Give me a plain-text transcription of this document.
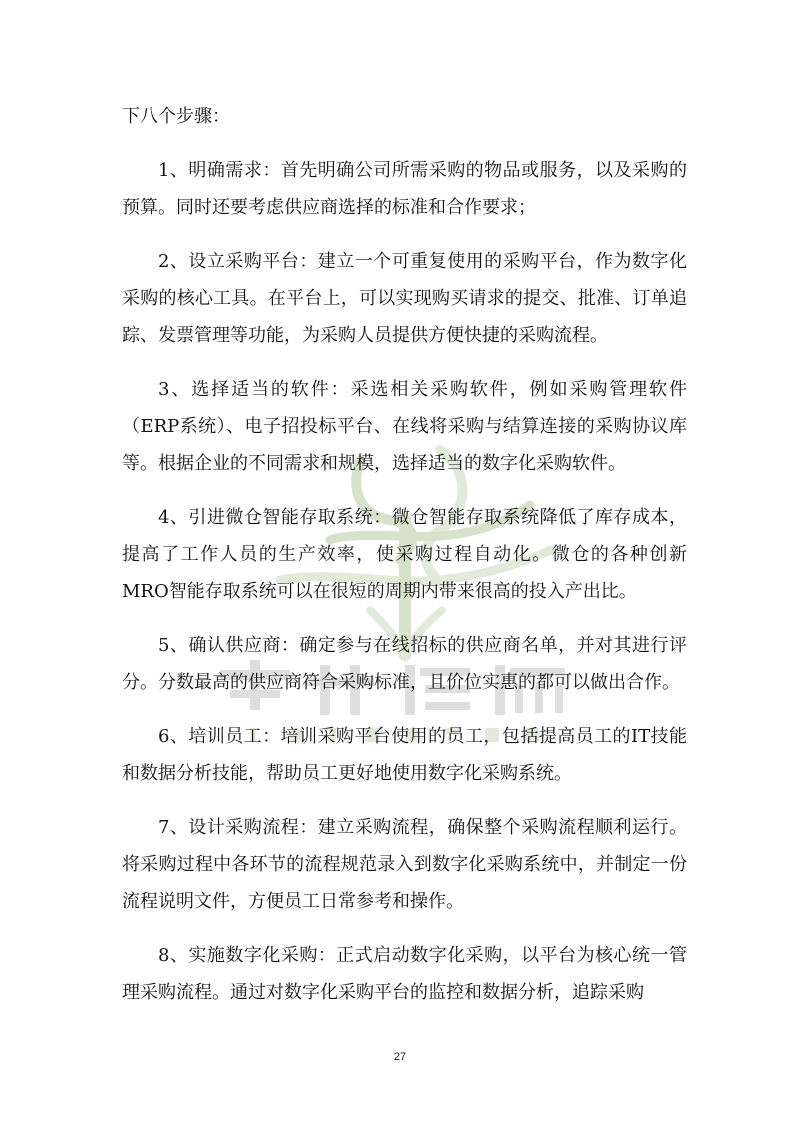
下八个步骤：

1、明确需求：首先明确公司所需采购的物品或服务，以及采购的预算。同时还要考虑供应商选择的标准和合作要求；

2、设立采购平台：建立一个可重复使用的采购平台，作为数字化采购的核心工具。在平台上，可以实现购买请求的提交、批准、订单追踪、发票管理等功能，为采购人员提供方便快捷的采购流程。

3、选择适当的软件：采选相关采购软件，例如采购管理软件（ERP系统）、电子招投标平台、在线将采购与结算连接的采购协议库等。根据企业的不同需求和规模，选择适当的数字化采购软件。

4、引进微仓智能存取系统：微仓智能存取系统降低了库存成本，提高了工作人员的生产效率，使采购过程自动化。微仓的各种创新MRO智能存取系统可以在很短的周期内带来很高的投入产出比。

5、确认供应商：确定参与在线招标的供应商名单，并对其进行评分。分数最高的供应商符合采购标准，且价位实惠的都可以做出合作。

6、培训员工：培训采购平台使用的员工，包括提高员工的IT技能和数据分析技能，帮助员工更好地使用数字化采购系统。

7、设计采购流程：建立采购流程，确保整个采购流程顺利运行。将采购过程中各环节的流程规范录入到数字化采购系统中，并制定一份流程说明文件，方便员工日常参考和操作。

8、实施数字化采购：正式启动数字化采购，以平台为核心统一管理采购流程。通过对数字化采购平台的监控和数据分析，追踪采购

27
